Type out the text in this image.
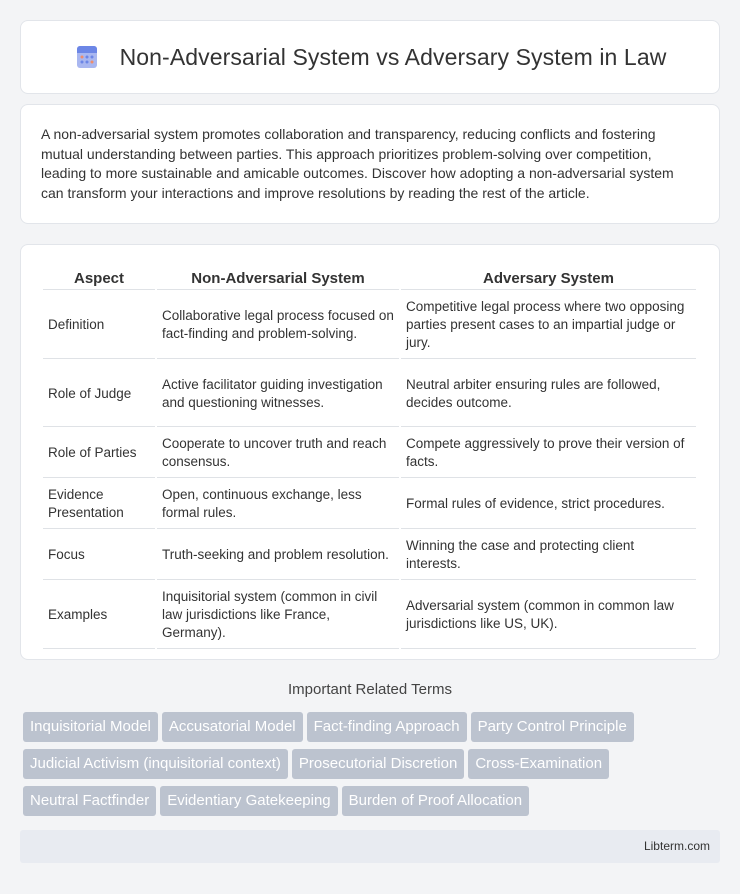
Non-Adversarial System vs Adversary System in Law

A non-adversarial system promotes collaboration and transparency, reducing conflicts and fostering mutual understanding between parties. This approach prioritizes problem-solving over competition, leading to more sustainable and amicable outcomes. Discover how adopting a non-adversarial system can transform your interactions and improve resolutions by reading the rest of the article.

Aspect	Non-Adversarial System	Adversary System
Definition	Collaborative legal process focused on fact-finding and problem-solving.	Competitive legal process where two opposing parties present cases to an impartial judge or jury.
Role of Judge	Active facilitator guiding investigation and questioning witnesses.	Neutral arbiter ensuring rules are followed, decides outcome.
Role of Parties	Cooperate to uncover truth and reach consensus.	Compete aggressively to prove their version of facts.
Evidence Presentation	Open, continuous exchange, less formal rules.	Formal rules of evidence, strict procedures.
Focus	Truth-seeking and problem resolution.	Winning the case and protecting client interests.
Examples	Inquisitorial system (common in civil law jurisdictions like France, Germany).	Adversarial system (common in common law jurisdictions like US, UK).
Important Related Terms
Inquisitorial Model Accusatorial Model Fact-finding Approach Party Control Principle
Judicial Activism (inquisitorial context) Prosecutorial Discretion Cross-Examination
Neutral Factfinder Evidentiary Gatekeeping Burden of Proof Allocation
Libterm.com
